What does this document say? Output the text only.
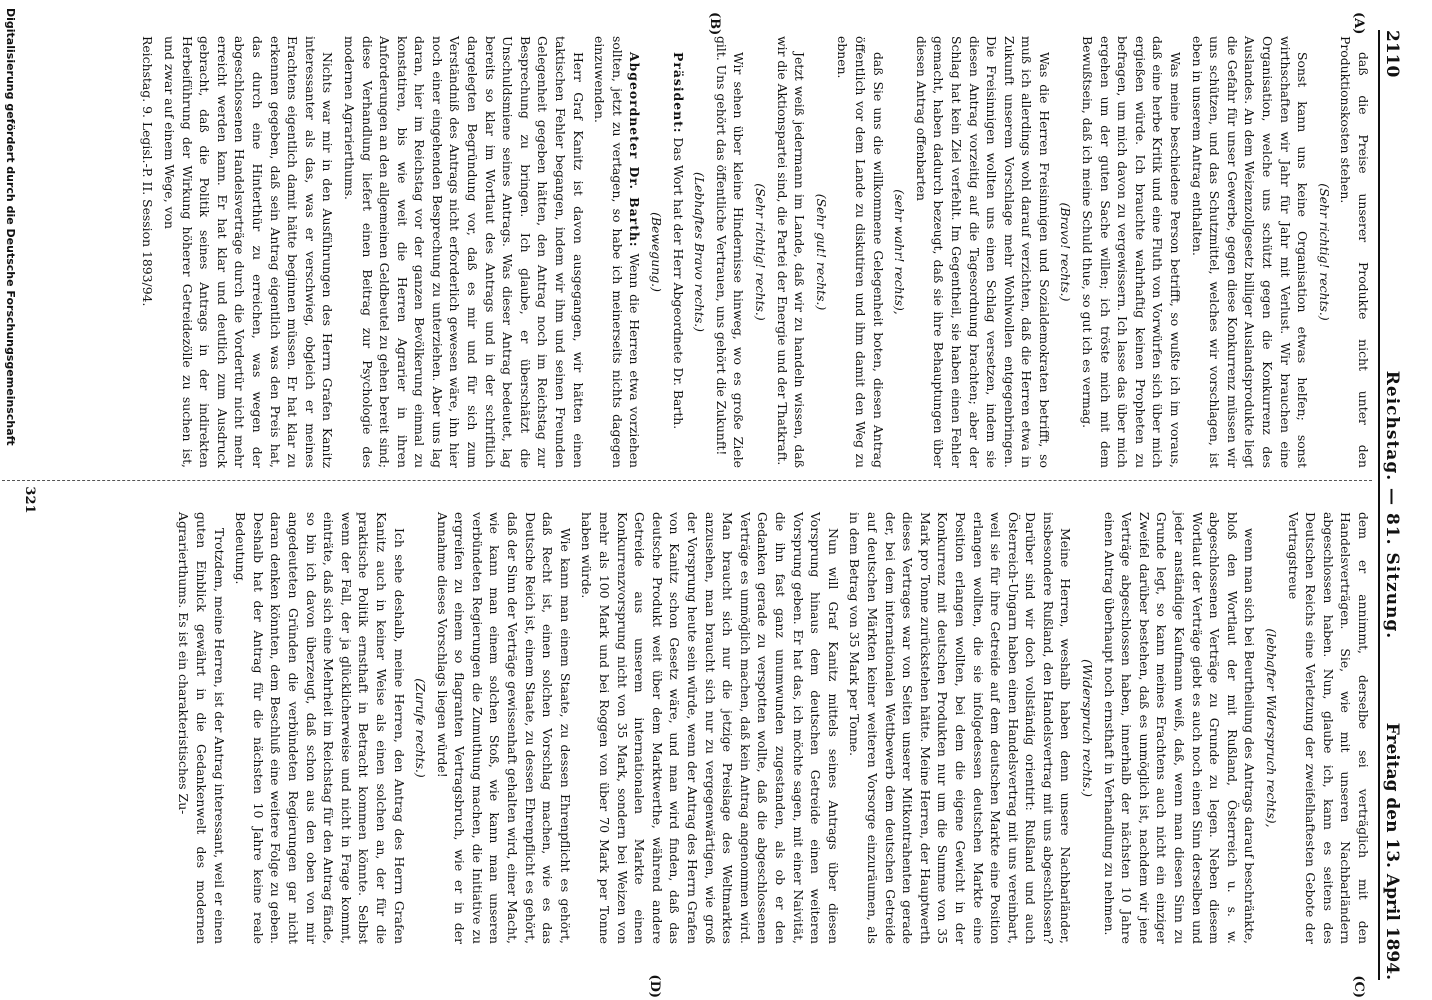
2110
Reichstag. — 81. Sitzung.
Freitag den 13. April 1894.
(A)
(B)
(C)
(D)

daß die Preise unserer Produkte nicht unter den Produktionskosten stehen.

(Sehr richtig! rechts.)

Sonst kann uns keine Organisation etwas helfen; sonst wirthschaften wir Jahr für Jahr mit Verlust. Wir brauchen eine Organisation, welche uns schützt gegen die Konkurrenz des Auslandes. An dem Weizenzollgesetz billiger Auslandsprodukte liegt die Gefahr für unser Gewerbe, gegen diese Konkurrenz müssen wir uns schützen, und das Schutzmittel, welches wir vorschlagen, ist eben in unserem Antrag enthalten.

Was meine beschiedene Person betrifft, so wußte ich im voraus, daß eine herbe Kritik und eine Fluth von Vorwürfen sich über mich ergießen würde. Ich brauchte wahrhaftig keinen Propheten zu befragen, um mich davon zu vergewissern. Ich lasse das über mich ergehen um der guten Sache willen; ich tröste mich mit dem Bewußtsein, daß ich meine Schuld thue, so gut ich es vermag.

(Bravo! rechts.)

Was die Herren Freisinnigen und Sozialdemokraten betrifft, so muß ich allerdings wohl darauf verzichten, daß die Herren etwa in Zukunft unserem Vorschlage mehr Wohlwollen entgegenbringen. Die Freisinnigen wollten uns einen Schlag versetzen, indem sie diesen Antrag vorzeitig auf die Tagesordnung brachten; aber der Schlag hat kein Ziel verfehlt. Im Gegentheil, sie haben einen Fehler gemacht, haben dadurch bezeugt, daß sie ihre Behauptungen über diesen Antrag offenbarten

(sehr wahr! rechts),

daß Sie uns die willkommene Gelegenheit boten, diesen Antrag öffentlich vor dem Lande zu diskutiren und ihm damit den Weg zu ebnen.

(Sehr gut! rechts.)

Jetzt weiß jedermann im Lande, daß wir zu handeln wissen, daß wir die Aktionspartei sind, die Partei der Energie und der Thatkraft.

(Sehr richtig! rechts.)

Wir sehen über kleine Hindernisse hinweg, wo es große Ziele gilt. Uns gehört das öffentliche Vertrauen, uns gehört die Zukunft!

(Lebhaftes Bravo rechts.)

Präsident: Das Wort hat der Herr Abgeordnete Dr. Barth.

(Bewegung.)

Abgeordneter Dr. Barth: Wenn die Herren etwa vorziehen sollten, jetzt zu vertagen, so habe ich meinerseits nichts dagegen einzuwenden.

Herr Graf Kanitz ist davon ausgegangen, wir hätten einen taktischen Fehler begangen, indem wir ihm und seinen Freunden Gelegenheit gegeben hätten, den Antrag noch im Reichstag zur Besprechung zu bringen. Ich glaube, er überschätzt die Unschuldsmiene seines Antrags. Was dieser Antrag bedeutet, lag bereits so klar im Wortlaut des Antrags und in der schriftlich dargelegten Begründung vor, daß es mir und für sich zum Verständniß des Antrags nicht erforderlich gewesen wäre, ihn hier noch einer eingehenden Besprechung zu unterziehen. Aber uns lag daran, hier im Reichstag vor der ganzen Bevölkerung einmal zu konstatiren, bis wie weit die Herren Agrarier in ihren Anforderungen an den allgemeinen Geldbeutel zu gehen bereit sind; diese Verhandlung liefert einen Beitrag zur Psychologie des modernen Agrarierthums.

Nichts war mir in den Ausführungen des Herrn Grafen Kanitz interessanter als das, was er verschwieg, obgleich er meines Erachtens eigentlich damit hätte beginnen müssen. Er hat klar zu erkennen gegeben, daß sein Antrag eigentlich was den Preis hat, das durch eine Hinterthür zu erreichen, was wegen der abgeschlossenen Handelsverträge durch die Vordertür nicht mehr erreicht werden kann. Er hat klar und deutlich zum Ausdruck gebracht, daß die Politik seines Antrags in der indirekten Herbeiführung der Wirkung höherer Getreidezölle zu suchen ist, und zwar auf einem Wege, von

Reichstag. 9. Legisl.-P. II. Session 1893/94.

dem er annimmt, derselbe sei verträglich mit den Handelsverträgen. Sie, wie mit unseren Nachbarländern abgeschlossen haben. Nun, glaube ich, kann es seitens des Deutschen Reichs eine Verletzung der zweifelhaftesten Gebote der Vertragstreue

(lebhafter Widerspruch rechts),

wenn man sich bei Beurtheilung des Antrags darauf beschränkte, bloß den Wortlaut der mit Rußland, Österreich u. s. w. abgeschlossenen Verträge zu Grunde zu legen. Neben diesem Wortlaut der Verträge giebt es auch noch einen Sinn derselben und jeder anständige Kaufmann weiß, daß, wenn man diesen Sinn zu Grunde legt, so kann meines Erachtens auch nicht ein einziger Zweifel darüber bestehen, daß es unmöglich ist, nachdem wir jene Verträge abgeschlossen haben, innerhalb der nächsten 10 Jahre einen Antrag überhaupt noch ernsthaft in Verhandlung zu nehmen.

(Widerspruch rechts.)

Meine Herren, weshalb haben denn unsere Nachbarländer, insbesondere Rußland, den Handelsvertrag mit uns abgeschlossen? Darüber sind wir doch vollständig orientirt: Rußland und auch Österreich-Ungarn haben einen Handelsvertrag mit uns vereinbart, weil sie für ihre Getreide auf dem deutschen Markte eine Position erlangen wollten, die sie infolgedessen deutschen Markte eine Position erlangen wollten, bei dem die eigene Gewicht in der Konkurrenz mit deutschen Produkten nur um die Summe von 35 Mark pro Tonne zurückstehen hätte. Meine Herren, der Hauptwerth dieses Vertrages war von Seiten unserer Mitkontrahenten gerade der, bei dem internationalen Wettbewerb dem deutschen Getreide auf deutschen Märkten keiner weiteren Vorsorge einzuräumen, als in dem Betrag von 35 Mark per Tonne.

Nun will Graf Kanitz mittels seines Antrags über diesen Vorsprung hinaus dem deutschen Getreide einen weiteren Vorsprung geben. Er hat das, ich möchte sagen, mit einer Naivität, die ihn fast ganz unumwunden zugestanden, als ob er den Gedanken gerade zu verspotten wollte, daß die abgeschlossenen Verträge es unmöglich machen, daß kein Antrag angenommen wird. Man braucht sich nur die jetzige Preislage des Weltmarktes anzusehen, man braucht sich nur zu vergegenwärtigen, wie groß der Vorsprung heute sein würde, wenn der Antrag des Herrn Grafen von Kanitz schon Gesetz wäre, und man wird finden, daß das deutsche Produkt weit über dem Marktwerthe, während andere Getreide aus unserem internationalen Markte einen Konkurrenzvorsprung nicht von 35 Mark, sondern bei Weizen von mehr als 100 Mark und bei Roggen von über 70 Mark per Tonne haben würde.

Wie kann man einem Staate, zu dessen Ehrenpflicht es gehört, daß Recht ist, einen solchen Vorschlag machen, wie es das Deutsche Reich ist, einem Staate, zu dessen Ehrenpflicht es gehört, daß der Sinn der Verträge gewissenhaft gehalten wird, einer Macht, wie kann man einem solchen Stoß, wie kann man unseren verbündeten Regierungen die Zumuthung machen, die Initiative zu ergreifen zu einem so flagranten Vertragsbruch, wie er in der Annahme dieses Vorschlags liegen würde!

(Zurufe rechts.)

Ich sehe deshalb, meine Herren, den Antrag des Herrn Grafen Kanitz auch in keiner Weise als einen solchen an, der für die praktische Politik ernsthaft in Betracht kommen könnte. Selbst wenn der Fall, der ja glücklicherweise und nicht in Frage kommt, einträte, daß sich eine Mehrheit im Reichstag für den Antrag fände, so bin ich davon überzeugt, daß schon aus den oben von mir angedeuteten Gründen die verbündeten Regierungen gar nicht daran denken könnten, dem Beschluß eine weitere Folge zu geben. Deshalb hat der Antrag für die nächsten 10 Jahre keine reale Bedeutung.

Trotzdem, meine Herren, ist der Antrag interessant, weil er einen guten Einblick gewährt in die Gedankenwelt des modernen Agrarierthums. Es ist ein charakteristisches Zu-

321
Digitalisierung gefördert durch die Deutsche Forschungsgemeinschaft
